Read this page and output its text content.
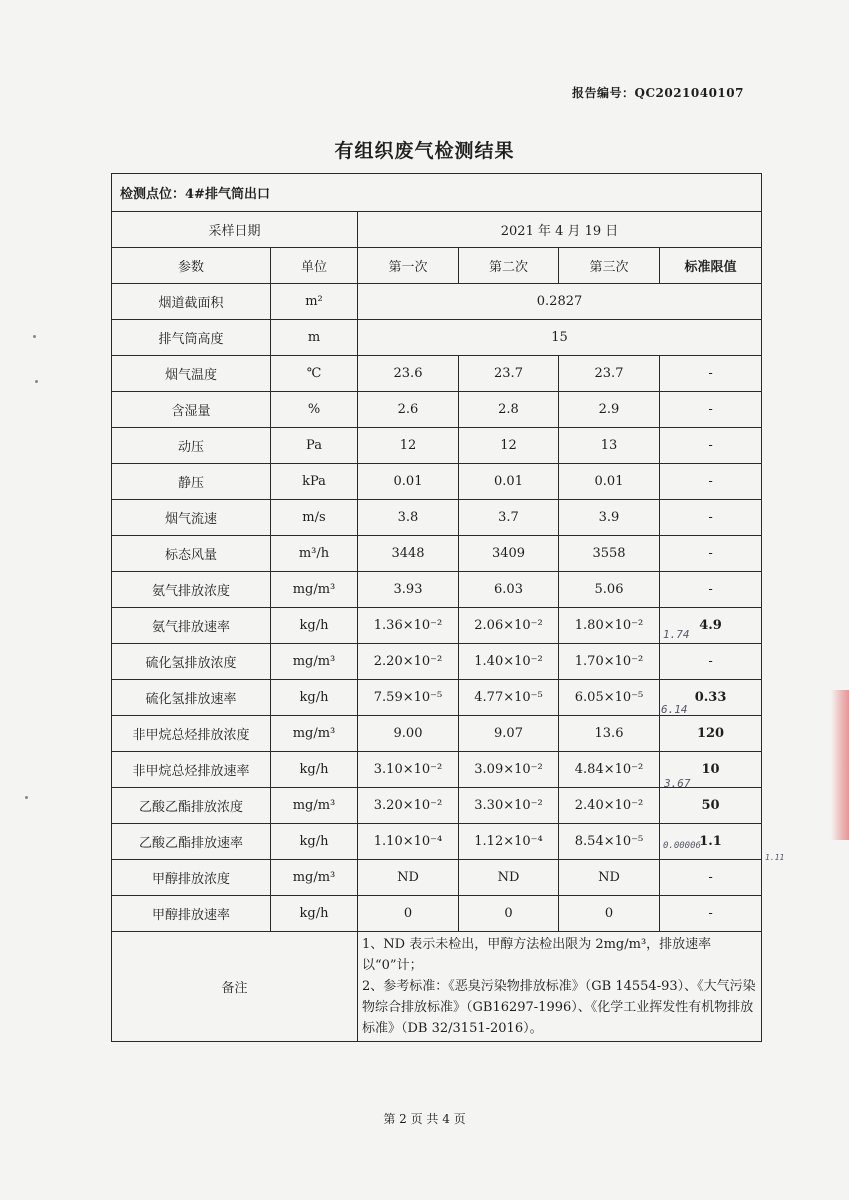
报告编号：QC2021040107
有组织废气检测结果
检测点位：4#排气筒出口					
采样日期		2021 年 4 月 19 日			
参数	单位	第一次	第二次	第三次	标准限值
烟道截面积	m²	0.2827			
排气筒高度	m	15			
烟气温度	℃	23.6	23.7	23.7	-
含湿量	%	2.6	2.8	2.9	-
动压	Pa	12	12	13	-
静压	kPa	0.01	0.01	0.01	-
烟气流速	m/s	3.8	3.7	3.9	-
标态风量	m³/h	3448	3409	3558	-
氨气排放浓度	mg/m³	3.93	6.03	5.06	-
氨气排放速率	kg/h	1.36×10⁻²	2.06×10⁻²	1.80×10⁻²	4.9
硫化氢排放浓度	mg/m³	2.20×10⁻²	1.40×10⁻²	1.70×10⁻²	-
硫化氢排放速率	kg/h	7.59×10⁻⁵	4.77×10⁻⁵	6.05×10⁻⁵	0.33
非甲烷总烃排放浓度	mg/m³	9.00	9.07	13.6	120
非甲烷总烃排放速率	kg/h	3.10×10⁻²	3.09×10⁻²	4.84×10⁻²	10
乙酸乙酯排放浓度	mg/m³	3.20×10⁻²	3.30×10⁻²	2.40×10⁻²	50
乙酸乙酯排放速率	kg/h	1.10×10⁻⁴	1.12×10⁻⁴	8.54×10⁻⁵	1.1
甲醇排放浓度	mg/m³	ND	ND	ND	-
甲醇排放速率	kg/h	0	0	0	-
备注		1、ND 表示未检出，甲醇方法检出限为 2mg/m³，排放速率以“0”计；
2、参考标准：《恶臭污染物排放标准》（GB 14554-93）、《大气污染物综合排放标准》（GB16297-1996）、《化学工业挥发性有机物排放标准》（DB 32/3151-2016）。			
1.74
6.14
3.67
0.00006
1.11
第 2 页 共 4 页
